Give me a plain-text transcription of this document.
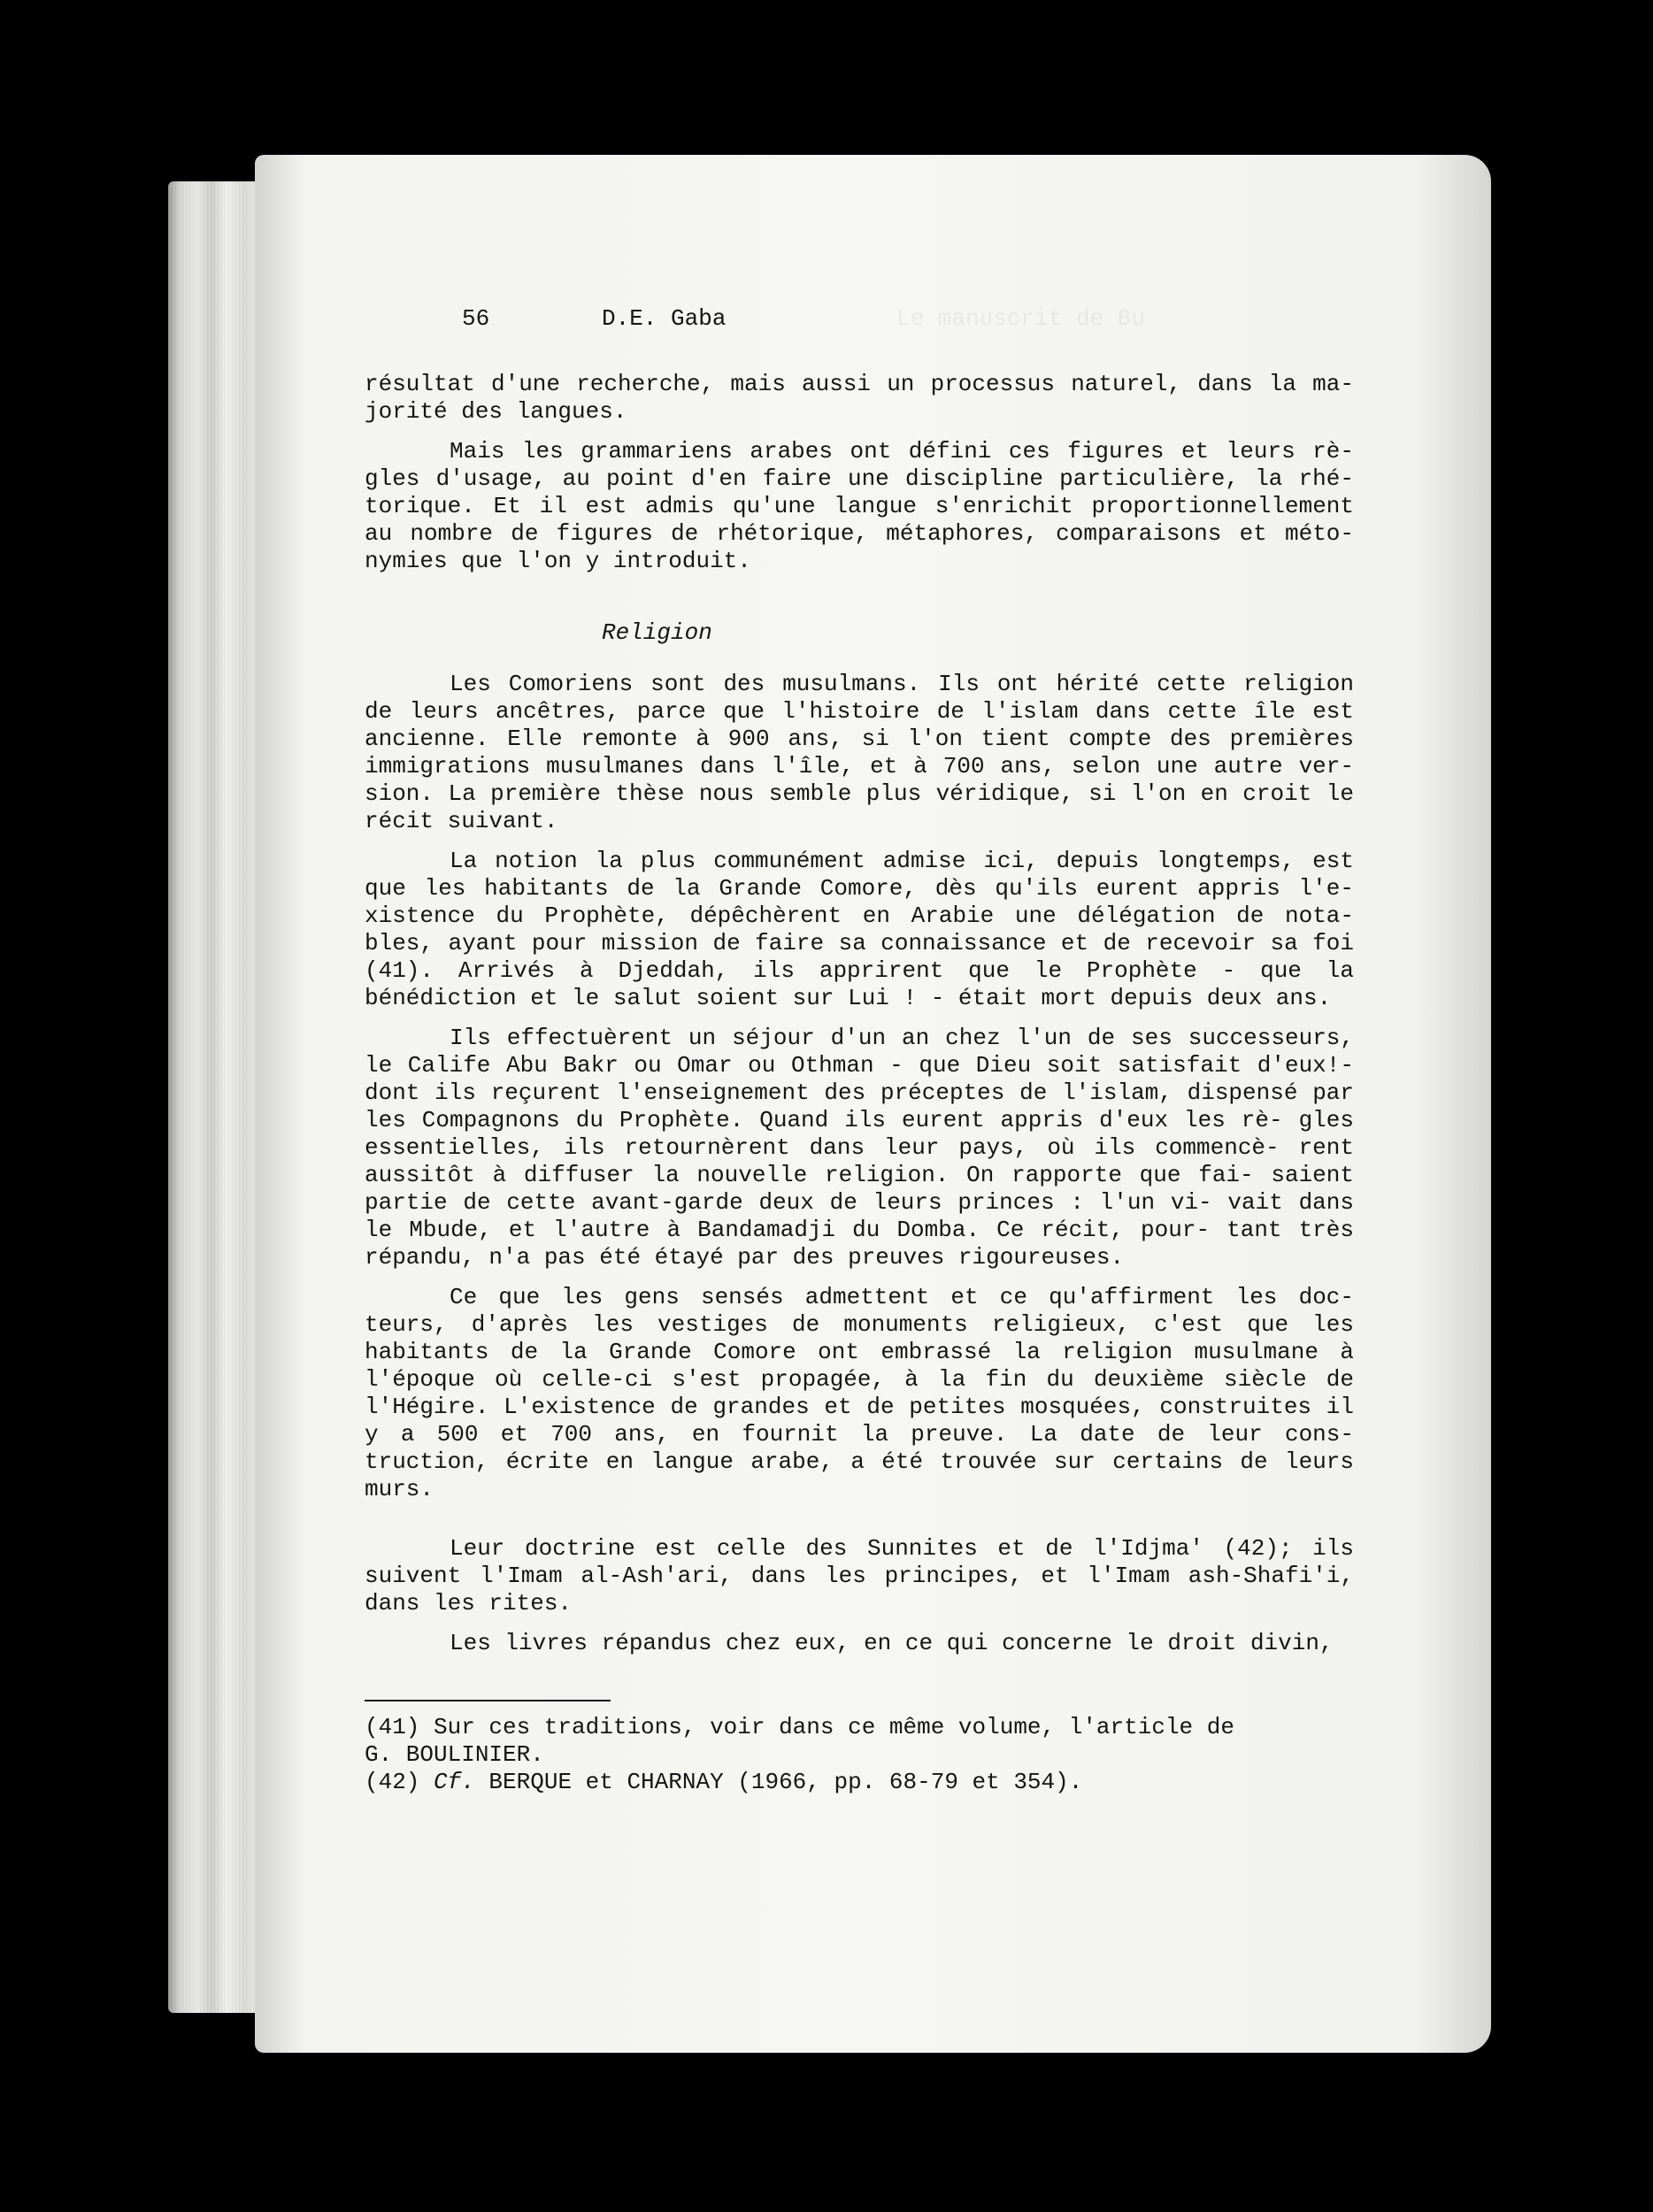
Le manuscrit de Bu
56	D.E. Gaba

résultat d'une recherche, mais aussi un processus naturel, dans la ma- jorité des langues.

Mais les grammariens arabes ont défini ces figures et leurs rè- gles d'usage, au point d'en faire une discipline particulière, la rhé- torique. Et il est admis qu'une langue s'enrichit proportionnellement au nombre de figures de rhétorique, métaphores, comparaisons et méto- nymies que l'on y introduit.

Religion

Les Comoriens sont des musulmans. Ils ont hérité cette religion de leurs ancêtres, parce que l'histoire de l'islam dans cette île est ancienne. Elle remonte à 900 ans, si l'on tient compte des premières immigrations musulmanes dans l'île, et à 700 ans, selon une autre ver- sion. La première thèse nous semble plus véridique, si l'on en croit le récit suivant.

La notion la plus communément admise ici, depuis longtemps, est que les habitants de la Grande Comore, dès qu'ils eurent appris l'e- xistence du Prophète, dépêchèrent en Arabie une délégation de nota- bles, ayant pour mission de faire sa connaissance et de recevoir sa foi (41). Arrivés à Djeddah, ils apprirent que le Prophète - que la bénédiction et le salut soient sur Lui ! - était mort depuis deux ans.

Ils effectuèrent un séjour d'un an chez l'un de ses successeurs, le Calife Abu Bakr ou Omar ou Othman - que Dieu soit satisfait d'eux!- dont ils reçurent l'enseignement des préceptes de l'islam, dispensé par les Compagnons du Prophète. Quand ils eurent appris d'eux les rè- gles essentielles, ils retournèrent dans leur pays, où ils commencè- rent aussitôt à diffuser la nouvelle religion. On rapporte que fai- saient partie de cette avant-garde deux de leurs princes : l'un vi- vait dans le Mbude, et l'autre à Bandamadji du Domba. Ce récit, pour- tant très répandu, n'a pas été étayé par des preuves rigoureuses.

Ce que les gens sensés admettent et ce qu'affirment les doc- teurs, d'après les vestiges de monuments religieux, c'est que les habitants de la Grande Comore ont embrassé la religion musulmane à l'époque où celle-ci s'est propagée, à la fin du deuxième siècle de l'Hégire. L'existence de grandes et de petites mosquées, construites il y a 500 et 700 ans, en fournit la preuve. La date de leur cons- truction, écrite en langue arabe, a été trouvée sur certains de leurs murs.

Leur doctrine est celle des Sunnites et de l'Idjma' (42); ils suivent l'Imam al-Ash'ari, dans les principes, et l'Imam ash-Shafi'i, dans les rites.

Les livres répandus chez eux, en ce qui concerne le droit divin,

(41) Sur ces traditions, voir dans ce même volume, l'article de
G. BOULINIER.

(42) Cf. BERQUE et CHARNAY (1966, pp. 68-79 et 354).
